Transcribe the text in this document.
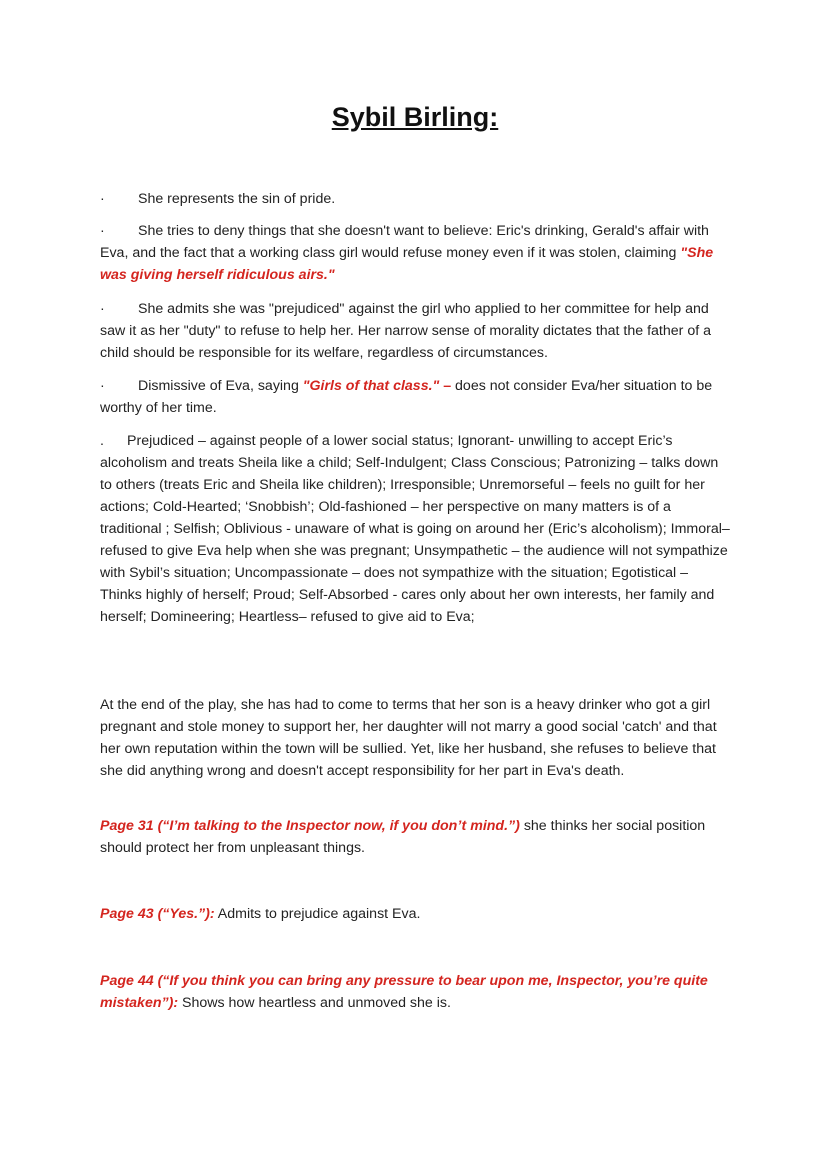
Sybil Birling:

· She represents the sin of pride.

· She tries to deny things that she doesn't want to believe: Eric's drinking, Gerald's affair with Eva, and the fact that a working class girl would refuse money even if it was stolen, claiming "She was giving herself ridiculous airs."

· She admits she was "prejudiced" against the girl who applied to her committee for help and saw it as her "duty" to refuse to help her. Her narrow sense of morality dictates that the father of a child should be responsible for its welfare, regardless of circumstances.

· Dismissive of Eva, saying "Girls of that class." – does not consider Eva/her situation to be worthy of her time.

. Prejudiced – against people of a lower social status; Ignorant- unwilling to accept Eric’s alcoholism and treats Sheila like a child; Self-Indulgent; Class Conscious; Patronizing – talks down to others (treats Eric and Sheila like children); Irresponsible; Unremorseful – feels no guilt for her actions; Cold-Hearted; ‘Snobbish’; Old-fashioned – her perspective on many matters is of a traditional ; Selfish; Oblivious - unaware of what is going on around her (Eric’s alcoholism); Immoral– refused to give Eva help when she was pregnant; Unsympathetic – the audience will not sympathize with Sybil’s situation; Uncompassionate – does not sympathize with the situation; Egotistical – Thinks highly of herself; Proud; Self-Absorbed - cares only about her own interests, her family and herself; Domineering; Heartless– refused to give aid to Eva;

At the end of the play, she has had to come to terms that her son is a heavy drinker who got a girl pregnant and stole money to support her, her daughter will not marry a good social 'catch' and that her own reputation within the town will be sullied. Yet, like her husband, she refuses to believe that she did anything wrong and doesn't accept responsibility for her part in Eva's death.

Page 31 (“I’m talking to the Inspector now, if you don’t mind.”) she thinks her social position should protect her from unpleasant things.

Page 43 (“Yes.”): Admits to prejudice against Eva.

Page 44 (“If you think you can bring any pressure to bear upon me, Inspector, you’re quite mistaken”): Shows how heartless and unmoved she is.
